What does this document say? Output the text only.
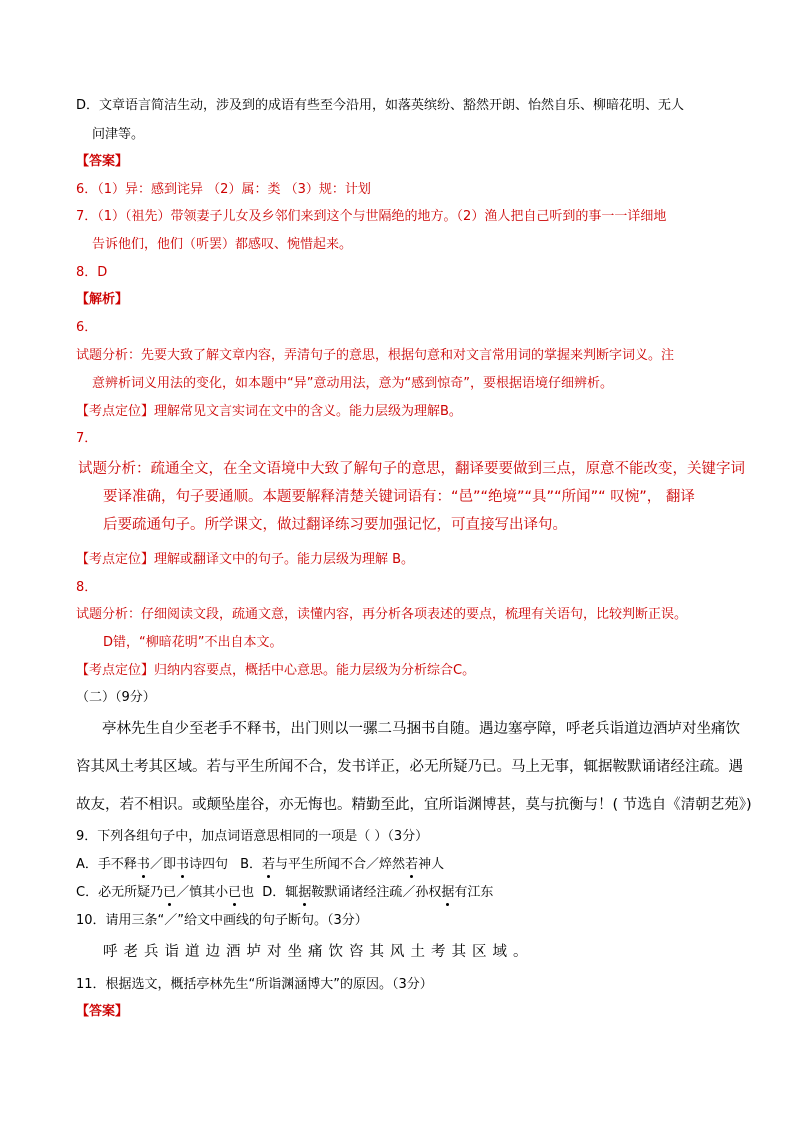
D．文章语言简洁生动，涉及到的成语有些至今沿用，如落英缤纷、豁然开朗、怡然自乐、柳暗花明、无人
问津等。
【答案】
6．（1）异：感到诧异 （2）属：类 （3）规：计划
7．（1）（祖先）带领妻子儿女及乡邻们来到这个与世隔绝的地方。（2）渔人把自己听到的事一一详细地
告诉他们，他们（听罢）都感叹、惋惜起来。
8．D
【解析】
6．
试题分析：先要大致了解文章内容，弄清句子的意思，根据句意和对文言常用词的掌握来判断字词义。注
意辨析词义用法的变化，如本题中“异”意动用法，意为“感到惊奇”，要根据语境仔细辨析。
【考点定位】理解常见文言实词在文中的含义。能力层级为理解B。
7．
试题分析：疏通全文，在全文语境中大致了解句子的意思，翻译要要做到三点，原意不能改变，关键字词
要译准确，句子要通顺。本题要解释清楚关键词语有：“邑”“绝境”“具”“所闻”“ 叹惋”， 翻译
后要疏通句子。所学课文，做过翻译练习要加强记忆，可直接写出译句。
【考点定位】理解或翻译文中的句子。能力层级为理解 B。
8．
试题分析：仔细阅读文段，疏通文意，读懂内容，再分析各项表述的要点，梳理有关语句，比较判断正误。
D错，“柳暗花明”不出自本文。
【考点定位】归纳内容要点，概括中心意思。能力层级为分析综合C。
（二）（9分）
亭林先生自少至老手不释书，出门则以一骡二马捆书自随。遇边塞亭障，呼老兵诣道边酒垆对坐痛饮
咨其风土考其区域。若与平生所闻不合，发书详正，必无所疑乃已。马上无事，辄据鞍默诵诸经注疏。遇
故友，若不相识。或颠坠崖谷，亦无悔也。精勤至此，宜所诣渊博甚，莫与抗衡与！( 节选自《清朝艺苑》)
9．下列各组句子中，加点词语意思相同的一项是（ ）（3分）
A．手不释书／即书诗四句 B．若与平生所闻不合／焠然若神人
C．必无所疑乃已／慎其小已也 D．辄据鞍默诵诸经注疏／孙权据有江东
10．请用三条“／”给文中画线的句子断句。（3分）
呼老兵诣道边酒垆对坐痛饮咨其风土考其区域。
11．根据选文，概括亭林先生“所诣渊涵博大”的原因。（3分）
【答案】
